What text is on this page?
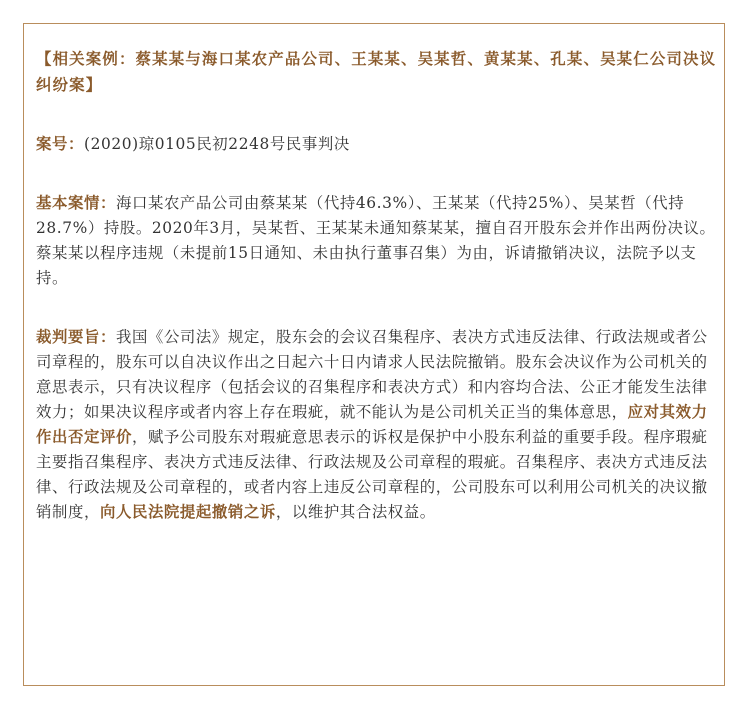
【相关案例：蔡某某与海口某农产品公司、王某某、吴某哲、黄某某、孔某、吴某仁公司决议纠纷案】

案号：(2020)琼0105民初2248号民事判决

基本案情：海口某农产品公司由蔡某某（代持46.3%）、王某某（代持25%）、吴某哲（代持28.7%）持股。2020年3月，吴某哲、王某某未通知蔡某某，擅自召开股东会并作出两份决议。蔡某某以程序违规（未提前15日通知、未由执行董事召集）为由，诉请撤销决议，法院予以支持。

裁判要旨：我国《公司法》规定，股东会的会议召集程序、表决方式违反法律、行政法规或者公司章程的，股东可以自决议作出之日起六十日内请求人民法院撤销。股东会决议作为公司机关的意思表示，只有决议程序（包括会议的召集程序和表决方式）和内容均合法、公正才能发生法律效力；如果决议程序或者内容上存在瑕疵，就不能认为是公司机关正当的集体意思，应对其效力作出否定评价，赋予公司股东对瑕疵意思表示的诉权是保护中小股东利益的重要手段。程序瑕疵主要指召集程序、表决方式违反法律、行政法规及公司章程的瑕疵。召集程序、表决方式违反法律、行政法规及公司章程的，或者内容上违反公司章程的，公司股东可以利用公司机关的决议撤销制度，向人民法院提起撤销之诉，以维护其合法权益。
